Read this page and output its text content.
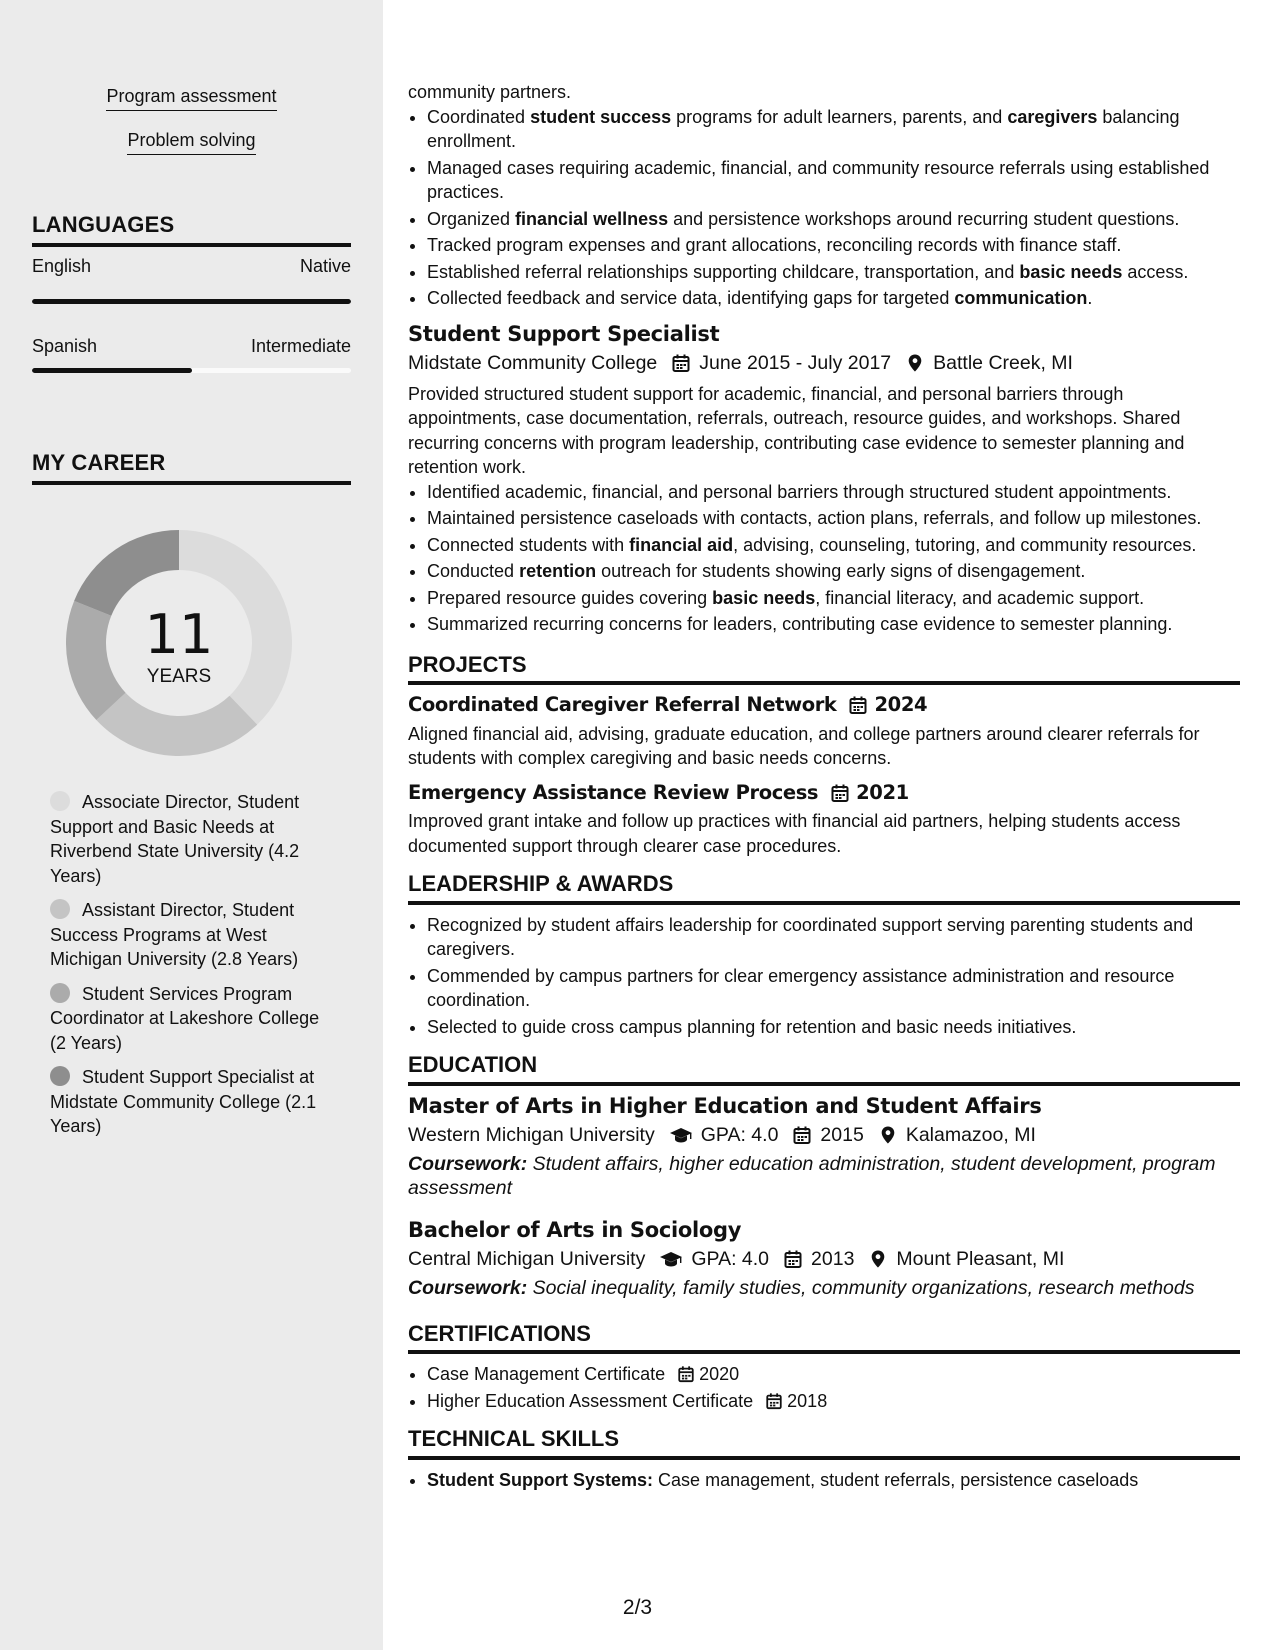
Program assessment
Problem solving
LANGUAGES
English	Native
Spanish	Intermediate
MY CAREER
11
YEARS
Associate Director, Student Support and Basic Needs at Riverbend State University (4.2 Years)
Assistant Director, Student Success Programs at West Michigan University (2.8 Years)
Student Services Program Coordinator at Lakeshore College (2 Years)
Student Support Specialist at Midstate Community College (2.1 Years)

community partners.

• Coordinated student success programs for adult learners, parents, and caregivers balancing enrollment.
• Managed cases requiring academic, financial, and community resource referrals using established practices.
• Organized financial wellness and persistence workshops around recurring student questions.
• Tracked program expenses and grant allocations, reconciling records with finance staff.
• Established referral relationships supporting childcare, transportation, and basic needs access.
• Collected feedback and service data, identifying gaps for targeted communication.
Student Support Specialist
Midstate Community College June 2015 - July 2017 Battle Creek, MI

Provided structured student support for academic, financial, and personal barriers through appointments, case documentation, referrals, outreach, resource guides, and workshops. Shared recurring concerns with program leadership, contributing case evidence to semester planning and retention work.

• Identified academic, financial, and personal barriers through structured student appointments.
• Maintained persistence caseloads with contacts, action plans, referrals, and follow up milestones.
• Connected students with financial aid, advising, counseling, tutoring, and community resources.
• Conducted retention outreach for students showing early signs of disengagement.
• Prepared resource guides covering basic needs, financial literacy, and academic support.
• Summarized recurring concerns for leaders, contributing case evidence to semester planning.
PROJECTS
Coordinated Caregiver Referral Network 2024

Aligned financial aid, advising, graduate education, and college partners around clearer referrals for students with complex caregiving and basic needs concerns.

Emergency Assistance Review Process 2021

Improved grant intake and follow up practices with financial aid partners, helping students access documented support through clearer case procedures.

LEADERSHIP & AWARDS
• Recognized by student affairs leadership for coordinated support serving parenting students and caregivers.
• Commended by campus partners for clear emergency assistance administration and resource coordination.
• Selected to guide cross campus planning for retention and basic needs initiatives.
EDUCATION
Master of Arts in Higher Education and Student Affairs
Western Michigan University GPA: 4.0 2015 Kalamazoo, MI
Coursework: Student affairs, higher education administration, student development, program assessment
Bachelor of Arts in Sociology
Central Michigan University GPA: 4.0 2013 Mount Pleasant, MI
Coursework: Social inequality, family studies, community organizations, research methods
CERTIFICATIONS
• Case Management Certificate 2020
• Higher Education Assessment Certificate 2018
TECHNICAL SKILLS
• Student Support Systems: Case management, student referrals, persistence caseloads
2/3
